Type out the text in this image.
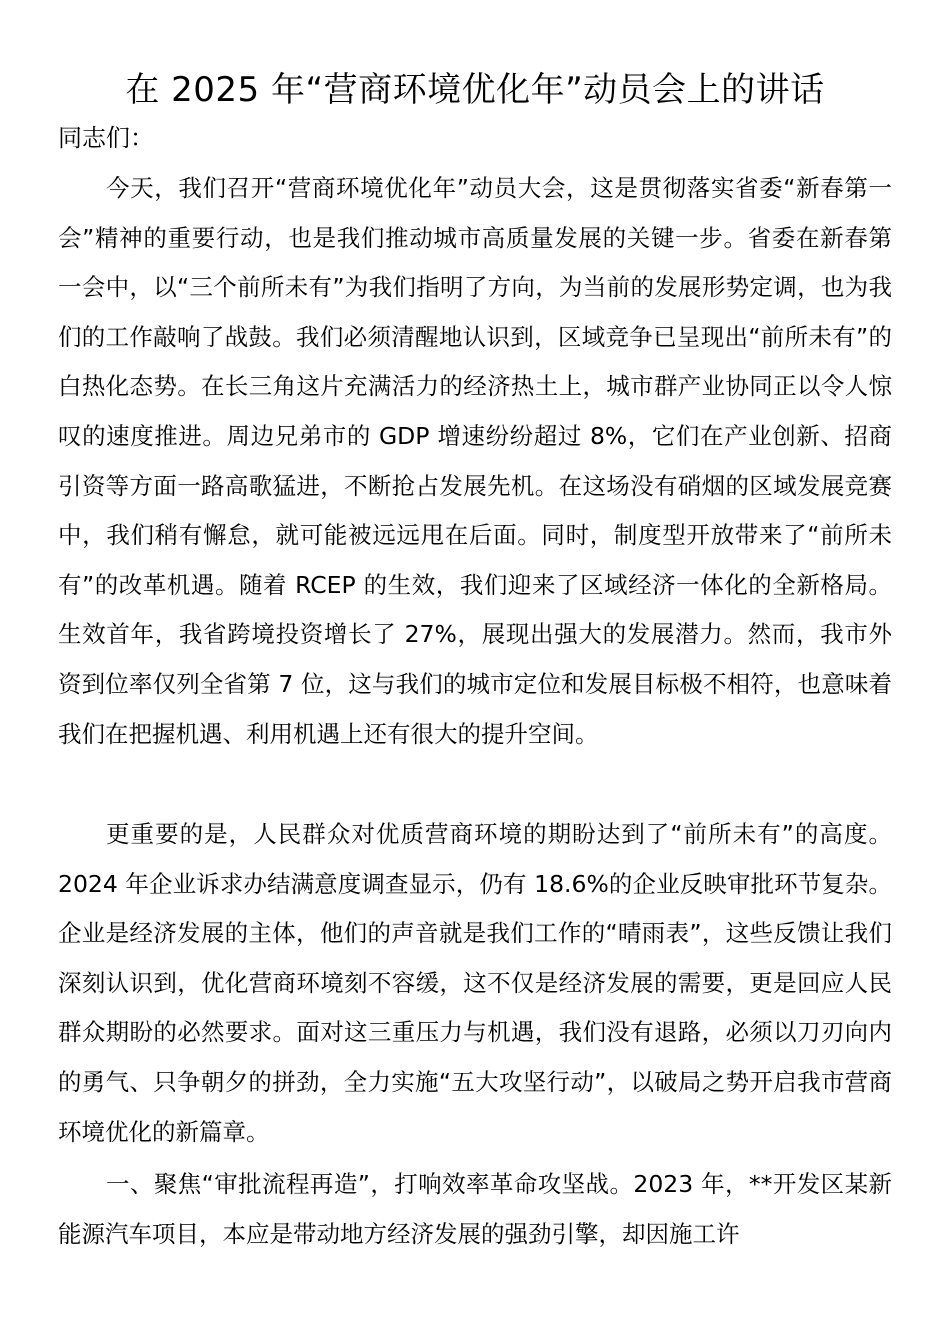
在 2025 年“营商环境优化年”动员会上的讲话
同志们：

今天，我们召开“营商环境优化年”动员大会，这是贯彻落实省委“新春第一会”精神的重要行动，也是我们推动城市高质量发展的关键一步。省委在新春第一会中，以“三个前所未有”为我们指明了方向，为当前的发展形势定调，也为我们的工作敲响了战鼓。我们必须清醒地认识到，区域竞争已呈现出“前所未有”的白热化态势。在长三角这片充满活力的经济热土上，城市群产业协同正以令人惊叹的速度推进。周边兄弟市的 GDP 增速纷纷超过 8%，它们在产业创新、招商引资等方面一路高歌猛进，不断抢占发展先机。在这场没有硝烟的区域发展竞赛中，我们稍有懈怠，就可能被远远甩在后面。同时，制度型开放带来了“前所未有”的改革机遇。随着 RCEP 的生效，我们迎来了区域经济一体化的全新格局。生效首年，我省跨境投资增长了 27%，展现出强大的发展潜力。然而，我市外资到位率仅列全省第 7 位，这与我们的城市定位和发展目标极不相符，也意味着我们在把握机遇、利用机遇上还有很大的提升空间。

更重要的是，人民群众对优质营商环境的期盼达到了“前所未有”的高度。2024 年企业诉求办结满意度调查显示，仍有 18.6%的企业反映审批环节复杂。企业是经济发展的主体，他们的声音就是我们工作的“晴雨表”，这些反馈让我们深刻认识到，优化营商环境刻不容缓，这不仅是经济发展的需要，更是回应人民群众期盼的必然要求。面对这三重压力与机遇，我们没有退路，必须以刀刃向内的勇气、只争朝夕的拼劲，全力实施“五大攻坚行动”，以破局之势开启我市营商环境优化的新篇章。

一、聚焦“审批流程再造”，打响效率革命攻坚战。2023 年，**开发区某新能源汽车项目，本应是带动地方经济发展的强劲引擎，却因施工许
